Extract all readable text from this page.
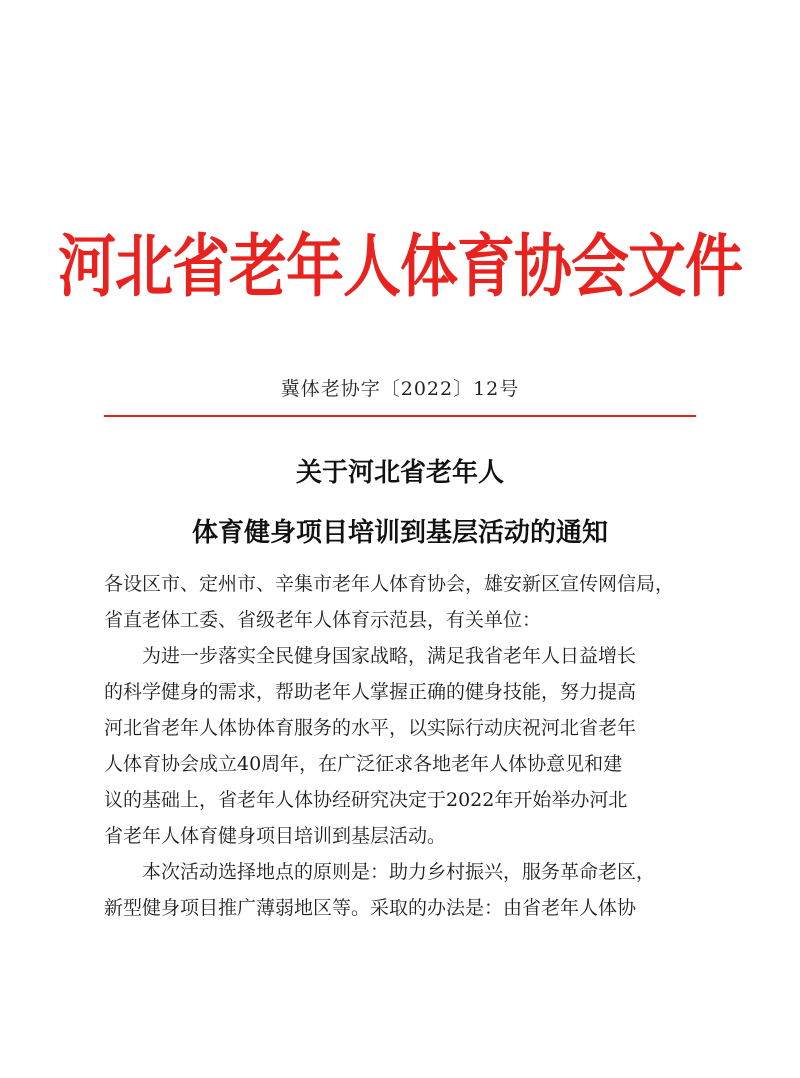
河北省老年人体育协会文件
冀体老协字〔2022〕12号
关于河北省老年人
体育健身项目培训到基层活动的通知
各设区市、定州市、辛集市老年人体育协会，雄安新区宣传网信局，
省直老体工委、省级老年人体育示范县，有关单位：
　　为进一步落实全民健身国家战略，满足我省老年人日益增长
的科学健身的需求，帮助老年人掌握正确的健身技能，努力提高
河北省老年人体协体育服务的水平，以实际行动庆祝河北省老年
人体育协会成立40周年，在广泛征求各地老年人体协意见和建
议的基础上，省老年人体协经研究决定于2022年开始举办河北
省老年人体育健身项目培训到基层活动。
　　本次活动选择地点的原则是：助力乡村振兴，服务革命老区，
新型健身项目推广薄弱地区等。采取的办法是：由省老年人体协
